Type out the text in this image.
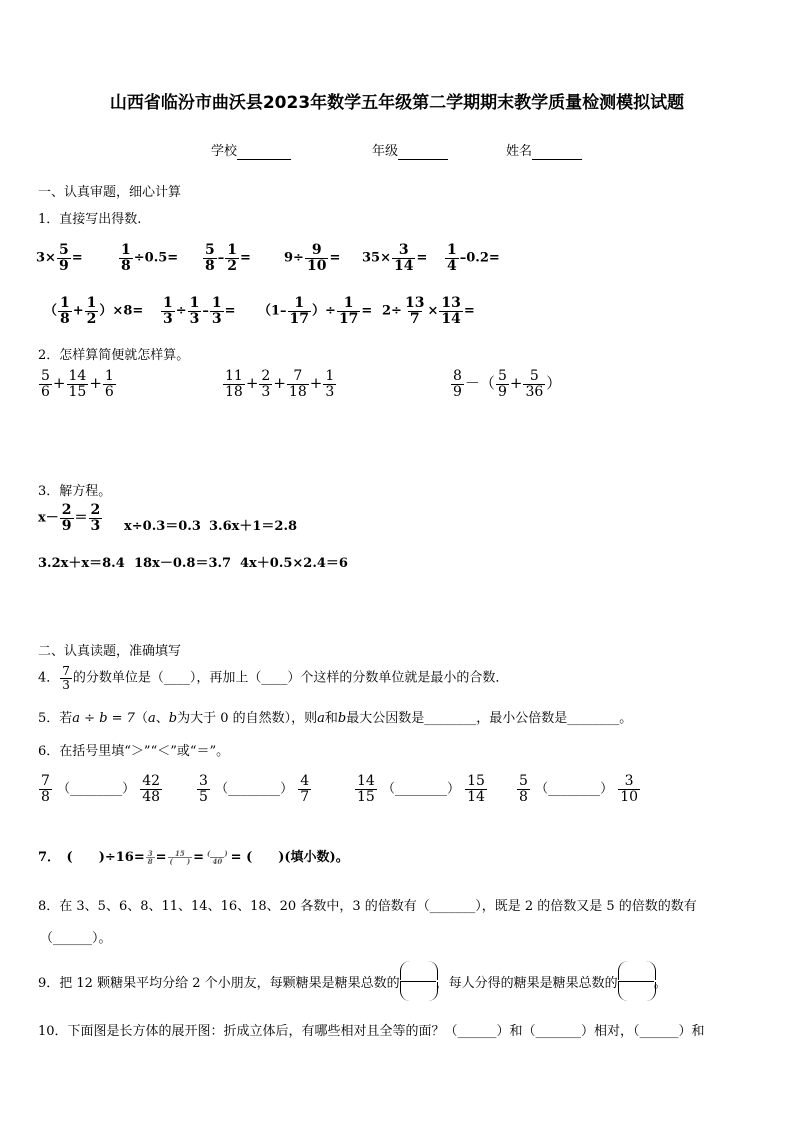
山西省临汾市曲沃县2023年数学五年级第二学期期末教学质量检测模拟试题
学校	年级	姓名
一、认真审题，细心计算
1．直接写出得数.
$3\times \frac{5}{9}$ =	$\frac{1}{8} \div 0.5= \frac{5}{8} - \frac{1}{2}$ =	$9\div \frac{9}{10} = 35\times \frac{3}{14} = \frac{1}{4} -0.2=$
（ $\frac{1}{8} + \frac{1}{2} )\times 8= \frac{1}{3} \div \frac{1}{3} - \frac{1}{3} = (1- \frac{1}{17}$ ）÷ $\frac{1}{17} = 2\div \frac{13}{7} \times \frac{13}{14}$ =
2．怎样算简便就怎样算。
$\frac{5}{6} + \frac{14}{15} + \frac{1}{6}$	$\frac{11}{18} + \frac{2}{3} + \frac{7}{18} + \frac{1}{3}$	$\frac{8}{9}$ －（ $\frac{5}{9} + \frac{5}{36}$ ）
3．解方程。
$x- \frac{2}{9} = \frac{2}{3} x\div 0.3=0.3$ 3.6x＋1＝2.8
3.2x＋x＝8.4 18x－0.8＝3.7 4x＋0.5×2.4＝6
二、认真读题，准确填写
4． $\frac{7}{3}$ 的分数单位是（____），再加上（____）个这样的分数单位就是最小的合数．
5．若a ÷ b = 7（a、b为大于 0 的自然数），则a和b最大公因数是________，最小公倍数是________。
6．在括号里填“＞”“＜”或“＝”。
$\frac{7}{8}$ （________） $\frac{42}{48} \frac{3}{5}$ （________） $\frac{4}{7}$	$\frac{14}{15}$ （________） $\frac{15}{14} \frac{5}{8}$ （________） $\frac{3}{10}$
7．　(　　)$\div 16= \frac{3}{8} = 15$
(　　) = (　　)
40 = (　　)(填小数)。
8．在 3、5、6、8、11、14、16、18、20 各数中，3 的倍数有（_______），既是 2 的倍数又是 5 的倍数的数有
（______）。
9．把 12 颗糖果平均分给 2 个小朋友，每颗糖果是糖果总数的	，每人分得的糖果是糖果总数的	。
10．下面图是长方体的展开图：折成立体后，有哪些相对且全等的面？（______）和（_______）相对，（______）和
